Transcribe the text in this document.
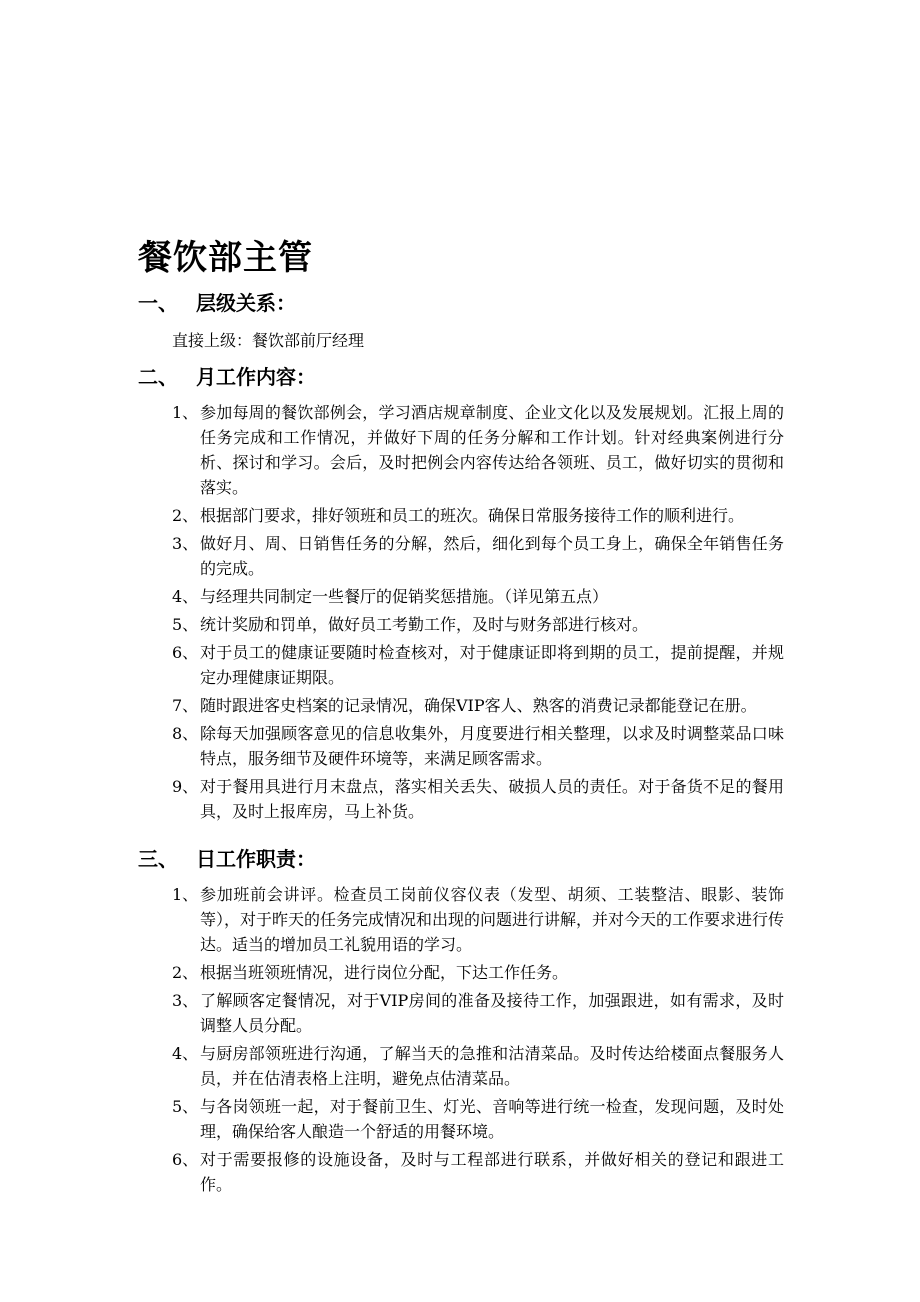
餐饮部主管
一、 层级关系：

直接上级：餐饮部前厅经理

二、 月工作内容：
1、 参加每周的餐饮部例会，学习酒店规章制度、企业文化以及发展规划。汇报上周的任务完成和工作情况，并做好下周的任务分解和工作计划。针对经典案例进行分析、探讨和学习。会后，及时把例会内容传达给各领班、员工，做好切实的贯彻和落实。
2、 根据部门要求，排好领班和员工的班次。确保日常服务接待工作的顺利进行。
3、 做好月、周、日销售任务的分解，然后，细化到每个员工身上，确保全年销售任务的完成。
4、 与经理共同制定一些餐厅的促销奖惩措施。（详见第五点）
5、 统计奖励和罚单，做好员工考勤工作，及时与财务部进行核对。
6、 对于员工的健康证要随时检查核对，对于健康证即将到期的员工，提前提醒，并规定办理健康证期限。
7、 随时跟进客史档案的记录情况，确保VIP客人、熟客的消费记录都能登记在册。
8、 除每天加强顾客意见的信息收集外，月度要进行相关整理，以求及时调整菜品口味特点，服务细节及硬件环境等，来满足顾客需求。
9、 对于餐用具进行月末盘点，落实相关丢失、破损人员的责任。对于备货不足的餐用具，及时上报库房，马上补货。
三、 日工作职责：
1、 参加班前会讲评。检查员工岗前仪容仪表（发型、胡须、工装整洁、眼影、装饰等），对于昨天的任务完成情况和出现的问题进行讲解，并对今天的工作要求进行传达。适当的增加员工礼貌用语的学习。
2、 根据当班领班情况，进行岗位分配，下达工作任务。
3、 了解顾客定餐情况，对于VIP房间的准备及接待工作，加强跟进，如有需求，及时调整人员分配。
4、 与厨房部领班进行沟通，了解当天的急推和沽清菜品。及时传达给楼面点餐服务人员，并在估清表格上注明，避免点估清菜品。
5、 与各岗领班一起，对于餐前卫生、灯光、音响等进行统一检查，发现问题，及时处理，确保给客人酿造一个舒适的用餐环境。
6、 对于需要报修的设施设备，及时与工程部进行联系，并做好相关的登记和跟进工作。
